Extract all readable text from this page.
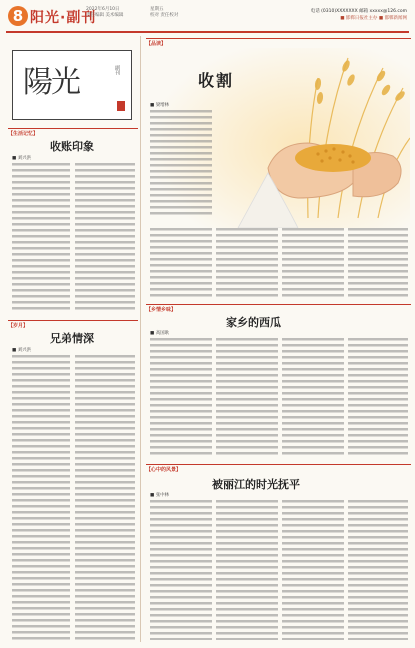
8 阳光·副刊
2022年6月10日
责任编辑 美术编辑
星期五
校对 责任校对
电话 (0310)XXXXXXX 邮箱 xxxxx@126.com
■ 邯郸日报社主办 ■ 邯郸新闻网
陽光	副刊
【生活记忆】
收账印象
■ 刘兴洪
【岁月】
兄弟情深
■ 刘兴洪
【品读】
收割
■ 梁增林
【乡情乡味】
家乡的西瓜
■ 高国耿
【心中的风景】
被丽江的时光抚平
■ 张中林
